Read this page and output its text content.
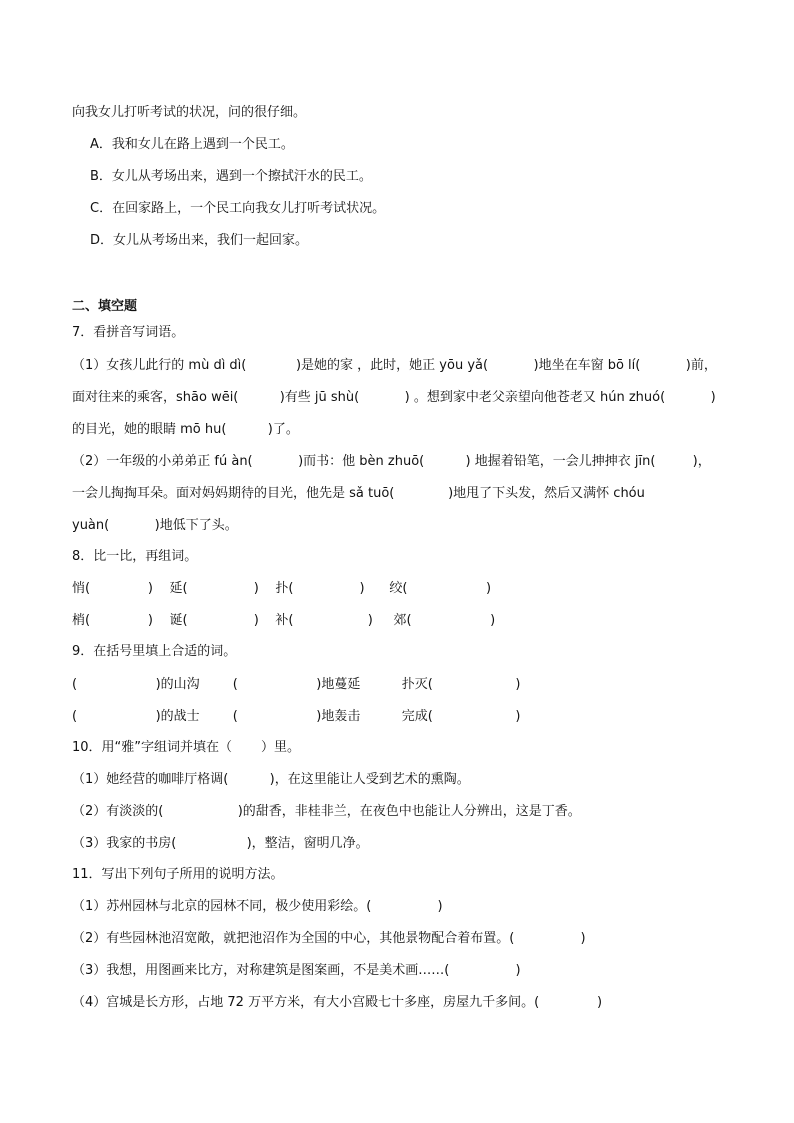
向我女儿打听考试的状况，问的很仔细。
A．我和女儿在路上遇到一个民工。
B．女儿从考场出来，遇到一个擦拭汗水的民工。
C．在回家路上，一个民工向我女儿打听考试状况。
D．女儿从考场出来，我们一起回家。
二、填空题
7．看拼音写词语。
（1）女孩儿此行的 mù dì dì(            )是她的家 ，此时，她正 yōu yǎ(           )地坐在车窗 bō lí(           )前，
面对往来的乘客，shāo wēi(          )有些 jū shù(           ) 。想到家中老父亲望向他苍老又 hún zhuó(           )
的目光，她的眼睛 mō hu(          )了。
（2）一年级的小弟弟正 fú àn(           )而书：他 bèn zhuō(          ) 地握着铅笔，一会儿抻抻衣 jīn(         )，
一会儿掏掏耳朵。面对妈妈期待的目光，他先是 sǎ tuō(             )地甩了下头发，然后又满怀 chóu
yuàn(           )地低下了头。
8．比一比，再组词。
悄(              )    延(                )    扑(                )      绞(                   )
梢(              )    诞(                )    补(                  )     郊(                   )
9．在括号里填上合适的词。
(                   )的山沟        (                   )地蔓延          扑灭(                    )
(                   )的战士        (                   )地轰击          完成(                    )
10．用“雅”字组词并填在（       ）里。
（1）她经营的咖啡厅格调(          )，在这里能让人受到艺术的熏陶。
（2）有淡淡的(                  )的甜香，非桂非兰，在夜色中也能让人分辨出，这是丁香。
（3）我家的书房(                 )，整洁，窗明几净。
11．写出下列句子所用的说明方法。
（1）苏州园林与北京的园林不同，极少使用彩绘。(                )
（2）有些园林池沼宽敞，就把池沼作为全国的中心，其他景物配合着布置。(                )
（3）我想，用图画来比方，对称建筑是图案画，不是美术画……(                )
（4）宫城是长方形，占地 72 万平方米，有大小宫殿七十多座，房屋九千多间。(              )
